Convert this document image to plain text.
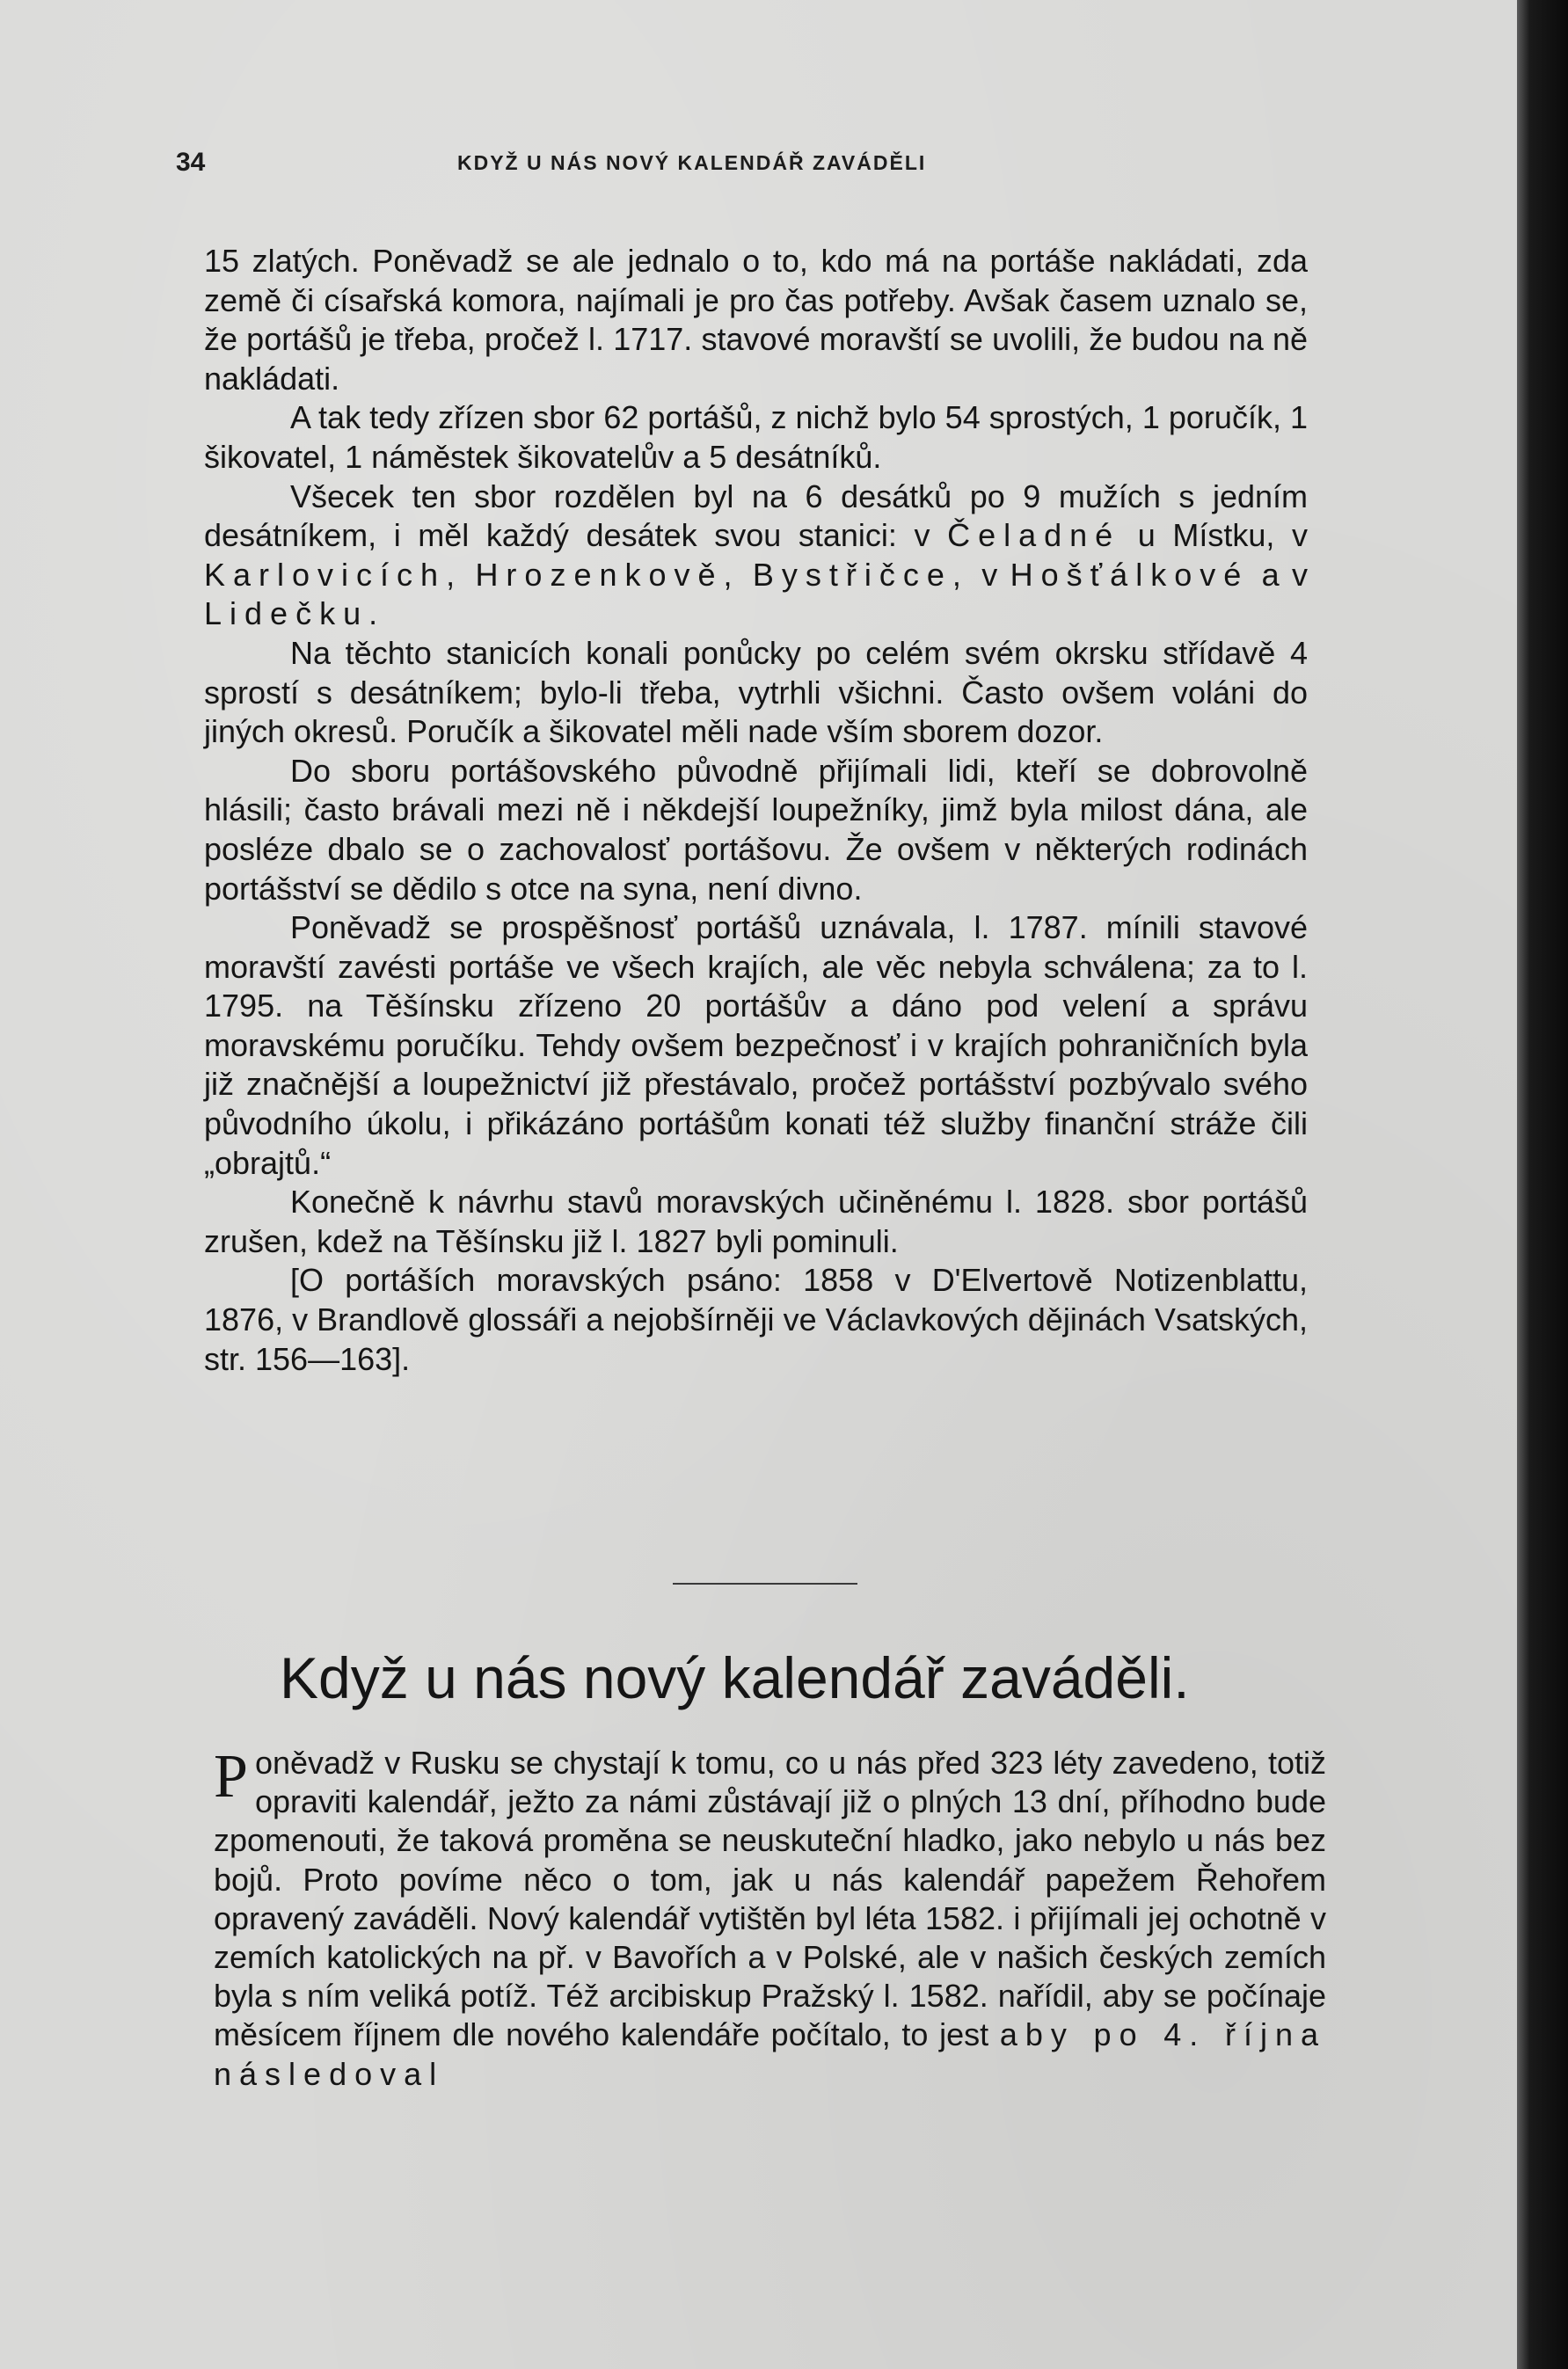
34	KDYŽ U NÁS NOVÝ KALENDÁŘ ZAVÁDĚLI

15 zlatých. Poněvadž se ale jednalo o to, kdo má na portáše nakládati, zda země či císařská komora, najímali je pro čas potřeby. Avšak časem uznalo se, že portášů je třeba, pročež l. 1717. stavové moravští se uvolili, že budou na ně nakládati.

A tak tedy zřízen sbor 62 portášů, z nichž bylo 54 sprostých, 1 poručík, 1 šikovatel, 1 náměstek šikovatelův a 5 desátníků.

Všecek ten sbor rozdělen byl na 6 desátků po 9 mužích s jedním desátníkem, i měl každý desátek svou stanici: v Čeladné u Místku, v Karlovicích, Hrozenkově, Bystřičce, v Hošťálkové a v Lidečku.

Na těchto stanicích konali ponůcky po celém svém okrsku střídavě 4 sprostí s desátníkem; bylo-li třeba, vytrhli všichni. Často ovšem voláni do jiných okresů. Poručík a šikovatel měli nade vším sborem dozor.

Do sboru portášovského původně přijímali lidi, kteří se dobrovolně hlásili; často brávali mezi ně i někdejší loupežníky, jimž byla milost dána, ale posléze dbalo se o zachovalosť portášovu. Že ovšem v některých rodinách portášství se dědilo s otce na syna, není divno.

Poněvadž se prospěšnosť portášů uznávala, l. 1787. mínili stavové moravští zavésti portáše ve všech krajích, ale věc nebyla schválena; za to l. 1795. na Těšínsku zřízeno 20 portášův a dáno pod velení a správu moravskému poručíku. Tehdy ovšem bezpečnosť i v krajích pohraničních byla již značnější a loupežnictví již přestávalo, pročež portášství pozbývalo svého původního úkolu, i přikázáno portášům konati též služby finanční stráže čili „obrajtů.“

Konečně k návrhu stavů moravských učiněnému l. 1828. sbor portášů zrušen, kdež na Těšínsku již l. 1827 byli pominuli.

[O portáších moravských psáno: 1858 v D'Elvertově Notizenblattu, 1876, v Brandlově glossáři a nejobšírněji ve Václavkových dějinách Vsatských, str. 156—163].

Když u nás nový kalendář zaváděli.

Poněvadž v Rusku se chystají k tomu, co u nás před 323 léty zavedeno, totiž opraviti kalendář, ježto za námi zůstávají již o plných 13 dní, příhodno bude zpomenouti, že taková proměna se neuskuteční hladko, jako nebylo u nás bez bojů. Proto povíme něco o tom, jak u nás kalendář papežem Řehořem opravený zaváděli. Nový kalendář vytištěn byl léta 1582. i přijímali jej ochotně v zemích katolických na př. v Bavořích a v Polské, ale v našich českých zemích byla s ním veliká potíž. Též arcibiskup Pražský l. 1582. nařídil, aby se počínaje měsícem říjnem dle nového kalendáře počítalo, to jest aby po 4. října následoval
